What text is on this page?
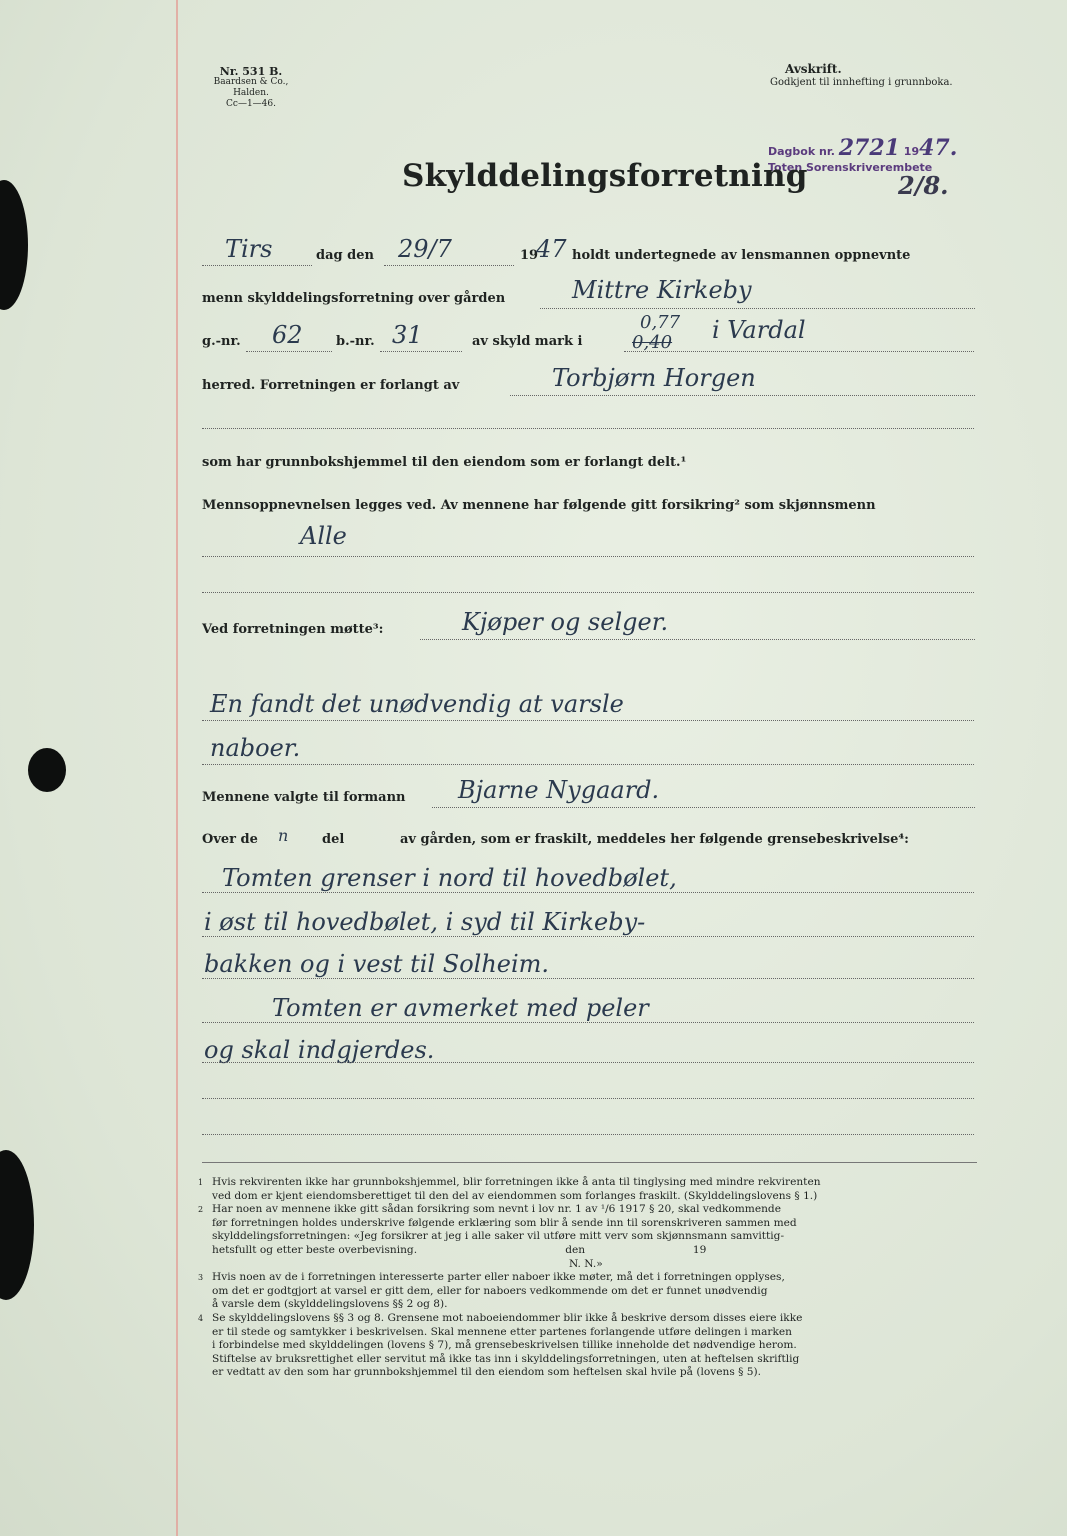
Nr. 531 B.
Baardsen & Co., Halden.
Cc—1—46.
Avskrift.
Godkjent til innhefting i grunnboka.
Dagbok nr. 2721 1947.
Toten Sorenskriverembete
2/8.
Skylddelingsforretning
Tirs	dag den 29/7	19
47 holdt undertegnede av lensmannen oppnevnte
menn skylddelingsforretning over gården	Mittre Kirkeby
g.-nr. 62	b.-nr. 31	av skyld mark i
0,77
0,40 i Vardal
herred. Forretningen er forlangt av	Torbjørn Horgen
som har grunnbokshjemmel til den eiendom som er forlangt delt.¹
Mennsoppnevnelsen legges ved. Av mennene har følgende gitt forsikring² som skjønnsmenn
Alle
Ved forretningen møtte³:	Kjøper og selger.
En fandt det unødvendig at varsle
naboer.
Mennene valgte til formann Bjarne Nygaard.
Over de n	del	av gården, som er fraskilt, meddeles her følgende grensebeskrivelse⁴:
Tomten grenser i nord til hovedbølet,
i øst til hovedbølet, i syd til Kirkeby-
bakken og i vest til Solheim.
Tomten er avmerket med peler
og skal indgjerdes.

1 Hvis rekvirenten ikke har grunnbokshjemmel, blir forretningen ikke å anta til tinglysing med mindre rekvirenten
ved dom er kjent eiendomsberettiget til den del av eiendommen som forlanges fraskilt. (Skylddelingslovens § 1.)

2 Har noen av mennene ikke gitt sådan forsikring som nevnt i lov nr. 1 av ¹/6 1917 § 20, skal vedkommende
før forretningen holdes underskrive følgende erklæring som blir å sende inn til sorenskriveren sammen med
skylddelingsforretningen: «Jeg forsikrer at jeg i alle saker vil utføre mitt verv som skjønnsmann samvittig-
hetsfullt og etter beste overbevisning.                                            den                                19
N. N.»

3 Hvis noen av de i forretningen interesserte parter eller naboer ikke møter, må det i forretningen opplyses,
om det er godtgjort at varsel er gitt dem, eller for naboers vedkommende om det er funnet unødvendig
å varsle dem (skylddelingslovens §§ 2 og 8).

4 Se skylddelingslovens §§ 3 og 8. Grensene mot naboeiendommer blir ikke å beskrive dersom disses eiere ikke
er til stede og samtykker i beskrivelsen. Skal mennene etter partenes forlangende utføre delingen i marken
i forbindelse med skylddelingen (lovens § 7), må grensebeskrivelsen tillike inneholde det nødvendige herom.
Stiftelse av bruksrettighet eller servitut må ikke tas inn i skylddelingsforretningen, uten at heftelsen skriftlig
er vedtatt av den som har grunnbokshjemmel til den eiendom som heftelsen skal hvile på (lovens § 5).
